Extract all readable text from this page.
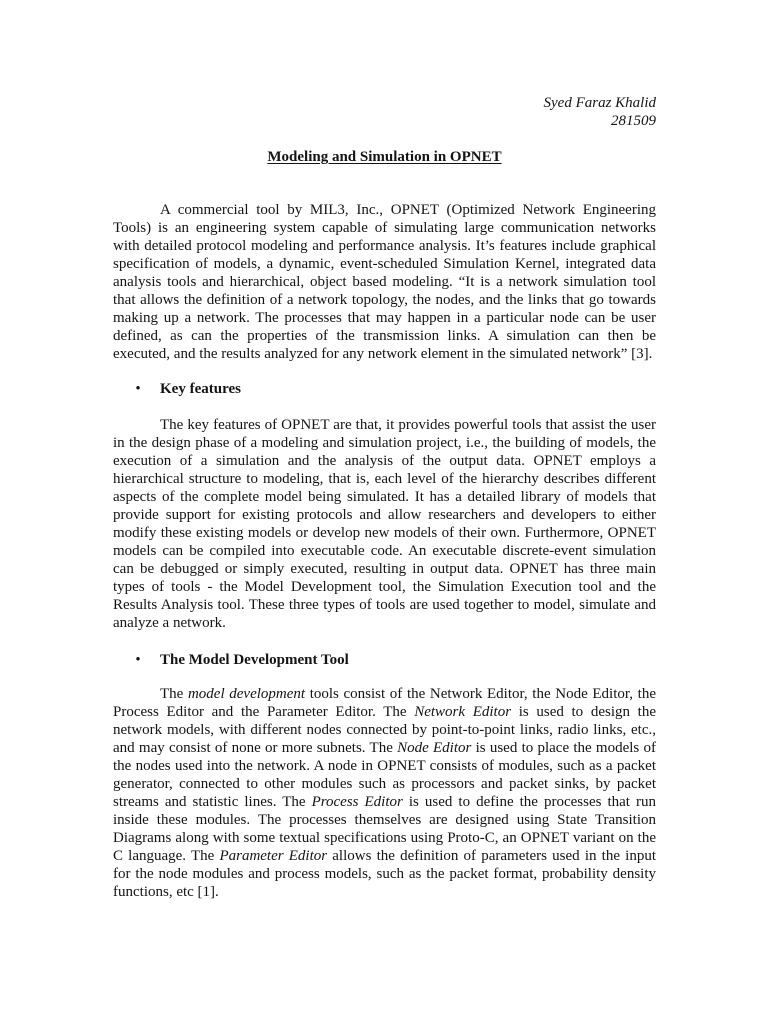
Syed Faraz Khalid
281509
Modeling and Simulation in OPNET
A commercial tool by MIL3, Inc., OPNET (Optimized Network Engineering
Tools) is an engineering system capable of simulating large communication networks
with detailed protocol modeling and performance analysis. It’s features include graphical
specification of models, a dynamic, event-scheduled Simulation Kernel, integrated data
analysis tools and hierarchical, object based modeling. “It is a network simulation tool
that allows the definition of a network topology, the nodes, and the links that go towards
making up a network. The processes that may happen in a particular node can be user
defined, as can the properties of the transmission links. A simulation can then be
executed, and the results analyzed for any network element in the simulated network” [3].
•
Key features
The key features of OPNET are that, it provides powerful tools that assist the user
in the design phase of a modeling and simulation project, i.e., the building of models, the
execution of a simulation and the analysis of the output data. OPNET employs a
hierarchical structure to modeling, that is, each level of the hierarchy describes different
aspects of the complete model being simulated. It has a detailed library of models that
provide support for existing protocols and allow researchers and developers to either
modify these existing models or develop new models of their own. Furthermore, OPNET
models can be compiled into executable code. An executable discrete-event simulation
can be debugged or simply executed, resulting in output data. OPNET has three main
types of tools - the Model Development tool, the Simulation Execution tool and the
Results Analysis tool. These three types of tools are used together to model, simulate and
analyze a network.
•
The Model Development Tool
The model development tools consist of the Network Editor, the Node Editor, the
Process Editor and the Parameter Editor. The Network Editor is used to design the
network models, with different nodes connected by point-to-point links, radio links, etc.,
and may consist of none or more subnets. The Node Editor is used to place the models of
the nodes used into the network. A node in OPNET consists of modules, such as a packet
generator, connected to other modules such as processors and packet sinks, by packet
streams and statistic lines. The Process Editor is used to define the processes that run
inside these modules. The processes themselves are designed using State Transition
Diagrams along with some textual specifications using Proto-C, an OPNET variant on the
C language. The Parameter Editor allows the definition of parameters used in the input
for the node modules and process models, such as the packet format, probability density
functions, etc [1].
